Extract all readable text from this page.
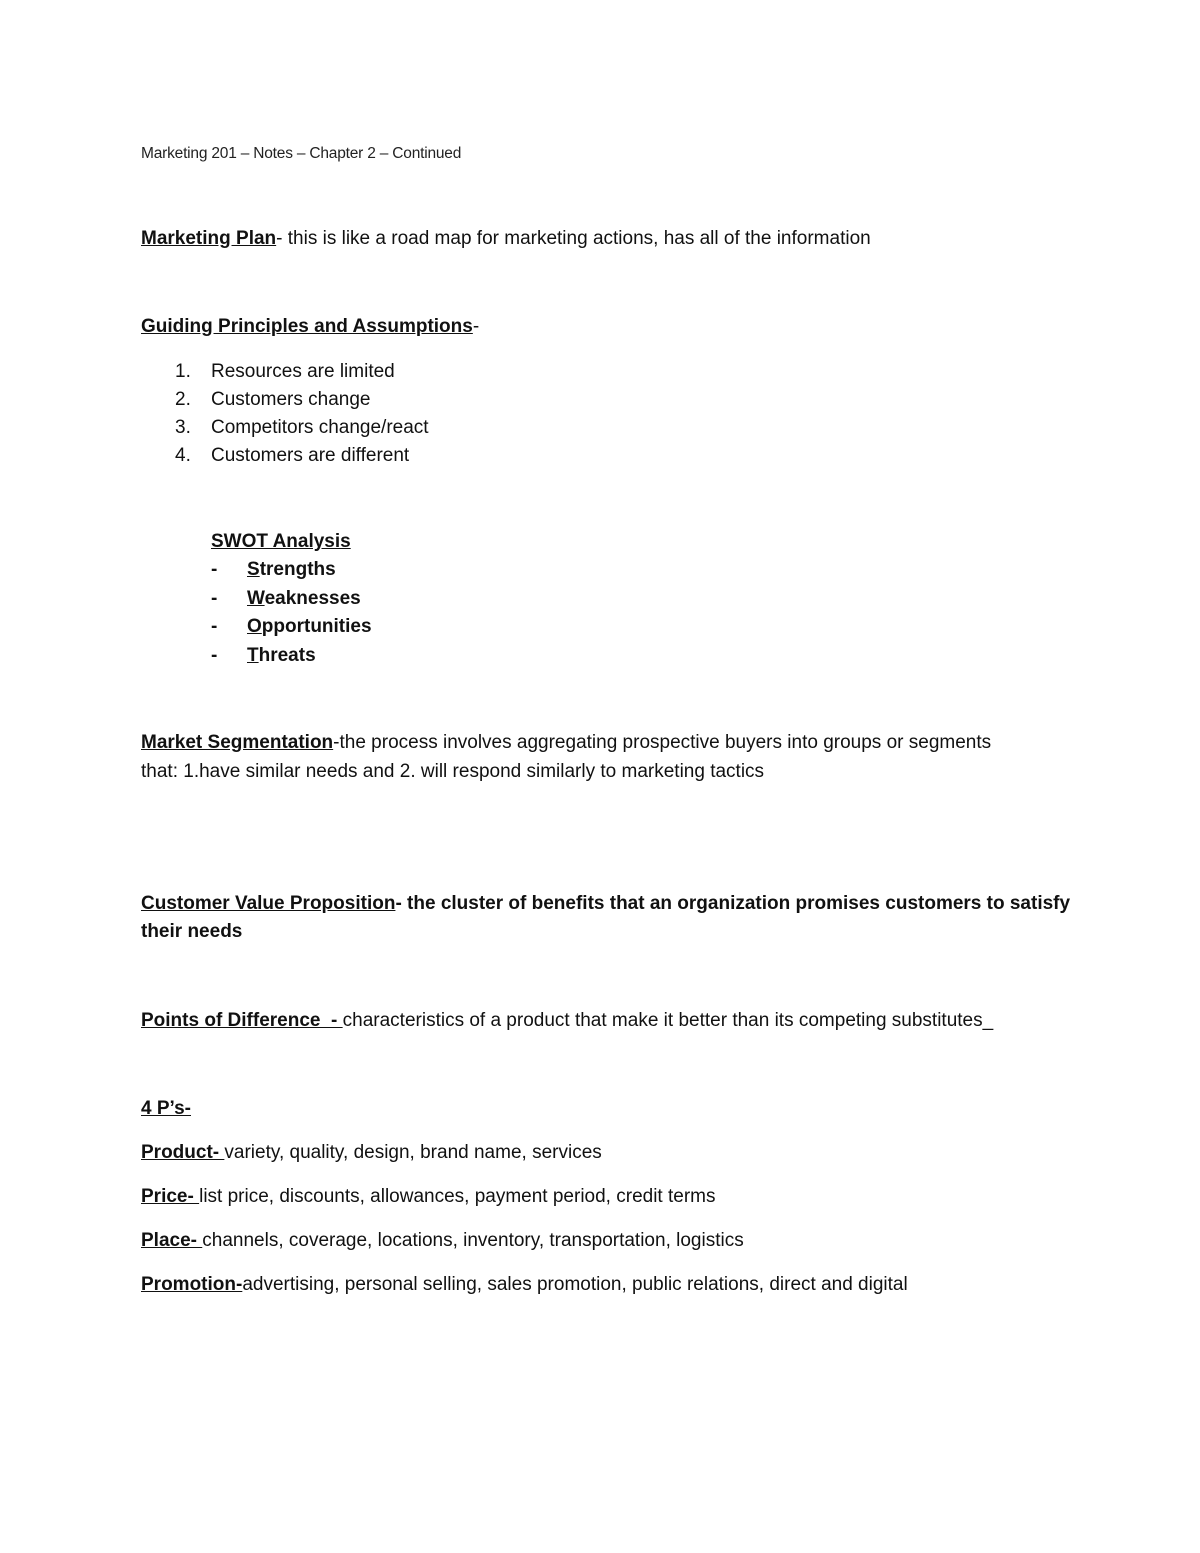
Marketing 201 – Notes – Chapter 2 – Continued
Marketing Plan- this is like a road map for marketing actions, has all of the information
Guiding Principles and Assumptions-
1. Resources are limited
2. Customers change
3. Competitors change/react
4. Customers are different
SWOT Analysis
- Strengths
- Weaknesses
- Opportunities
- Threats
Market Segmentation-the process involves aggregating prospective buyers into groups or segments
that: 1.have similar needs and 2. will respond similarly to marketing tactics
Customer Value Proposition- the cluster of benefits that an organization promises customers to satisfy
their needs
Points of Difference  - characteristics of a product that make it better than its competing substitutes_
4 P’s-
Product- variety, quality, design, brand name, services
Price- list price, discounts, allowances, payment period, credit terms
Place- channels, coverage, locations, inventory, transportation, logistics
Promotion-advertising, personal selling, sales promotion, public relations, direct and digital
